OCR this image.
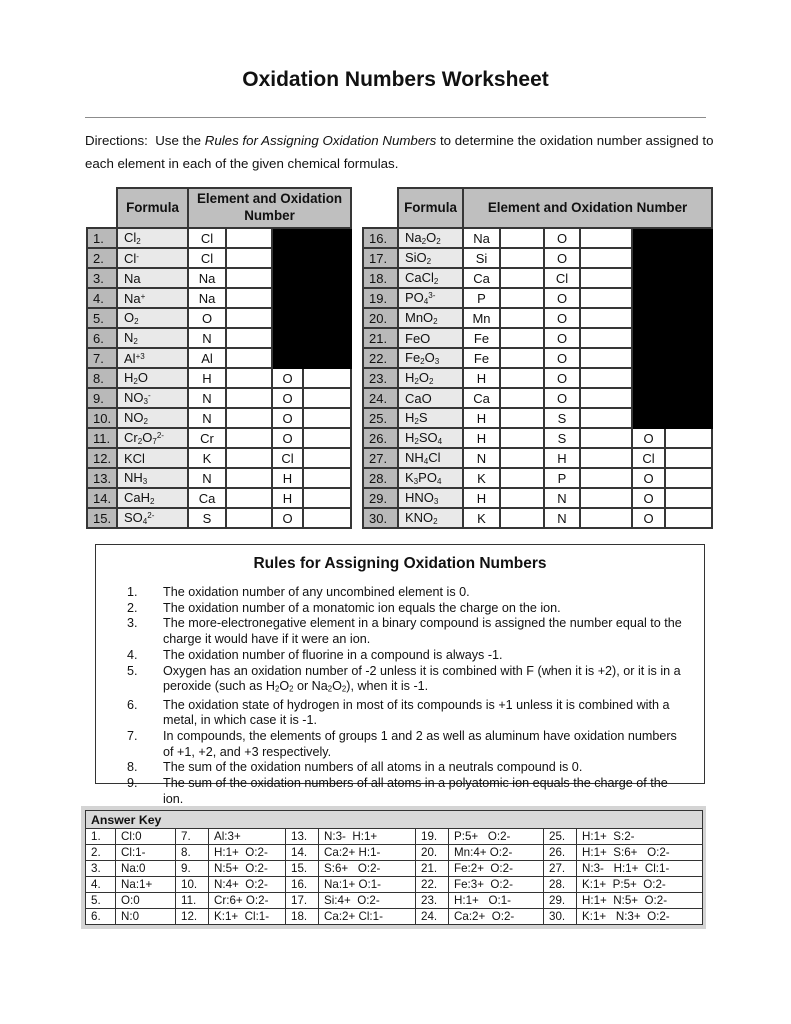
Oxidation Numbers Worksheet

Directions:  Use the Rules for Assigning Oxidation Numbers to determine the oxidation number assigned to each element in each of the given chemical formulas.

	Formula	Element and Oxidation Number			
1.	$Cl_2$	Cl			
2.	Cl-	Cl			
3.	Na	Na			
4.	Na+	Na			
5.	$O_2$	O			
6.	$N_2$	N			
7.	$Al^{+3}$	Al			
8.	$H_2O$	H		O	
9.	$NO_3^-$	N		O	
10.	$NO_2$	N		O	
11.	$Cr_2O_7^{2-}$	Cr		O	
12.	KCl	K		Cl	
13.	$NH_3$	N		H	
14.	CaH$_2$	Ca		H	
15.	$SO_4^{2-}$	S		O	
	Formula	Element and Oxidation Number					
16.	$Na_2O_2$	Na		O			
17.	SiO$_2$	Si		O			
18.	CaCl$_2$	Ca		Cl			
19.	$PO_4^{3-}$	P		O			
20.	MnO$_2$	Mn		O			
21.	FeO	Fe		O			
22.	$Fe_2O_3$	Fe		O			
23.	$H_2O_2$	H		O			
24.	CaO	Ca		O			
25.	$H_2S$	H		S			
26.	$H_2SO_4$	H		S		O	
27.	$NH_4Cl$	N		H		Cl	
28.	$K_3PO_4$	K		P		O	
29.	$HNO_3$	H		N		O	
30.	$KNO_2$	K		N		O	
Rules for Assigning Oxidation Numbers
1.	The oxidation number of any uncombined element is 0.
2.	The oxidation number of a monatomic ion equals the charge on the ion.
3.	The more-electronegative element in a binary compound is assigned the number equal to the charge it would have if it were an ion.
4.	The oxidation number of fluorine in a compound is always -1.
5.	Oxygen has an oxidation number of -2 unless it is combined with F (when it is +2), or it is in a peroxide (such as $H_2O_2$ or $Na_2O_2$), when it is -1.
6.	The oxidation state of hydrogen in most of its compounds is +1 unless it is combined with a metal, in which case it is -1.
7.	In compounds, the elements of groups 1 and 2 as well as aluminum have oxidation numbers of +1, +2, and +3 respectively.
8.	The sum of the oxidation numbers of all atoms in a neutrals compound is 0.
9.	The sum of the oxidation numbers of all atoms in a polyatomic ion equals the charge of the ion.
Answer Key									
1.	Cl:0	7.	Al:3+	13.	N:3-  H:1+	19.	P:5+   O:2-	25.	H:1+  S:2-
2.	Cl:1-	8.	H:1+  O:2-	14.	Ca:2+ H:1-	20.	Mn:4+ O:2-	26.	H:1+  S:6+   O:2-
3.	Na:0	9.	N:5+  O:2-	15.	S:6+   O:2-	21.	Fe:2+  O:2-	27.	N:3-   H:1+  Cl:1-
4.	Na:1+	10.	N:4+  O:2-	16.	Na:1+ O:1-	22.	Fe:3+  O:2-	28.	K:1+  P:5+  O:2-
5.	O:0	11.	Cr:6+ O:2-	17.	Si:4+  O:2-	23.	H:1+   O:1-	29.	H:1+  N:5+  O:2-
6.	N:0	12.	K:1+  Cl:1-	18.	Ca:2+ Cl:1-	24.	Ca:2+  O:2-	30.	K:1+   N:3+  O:2-
